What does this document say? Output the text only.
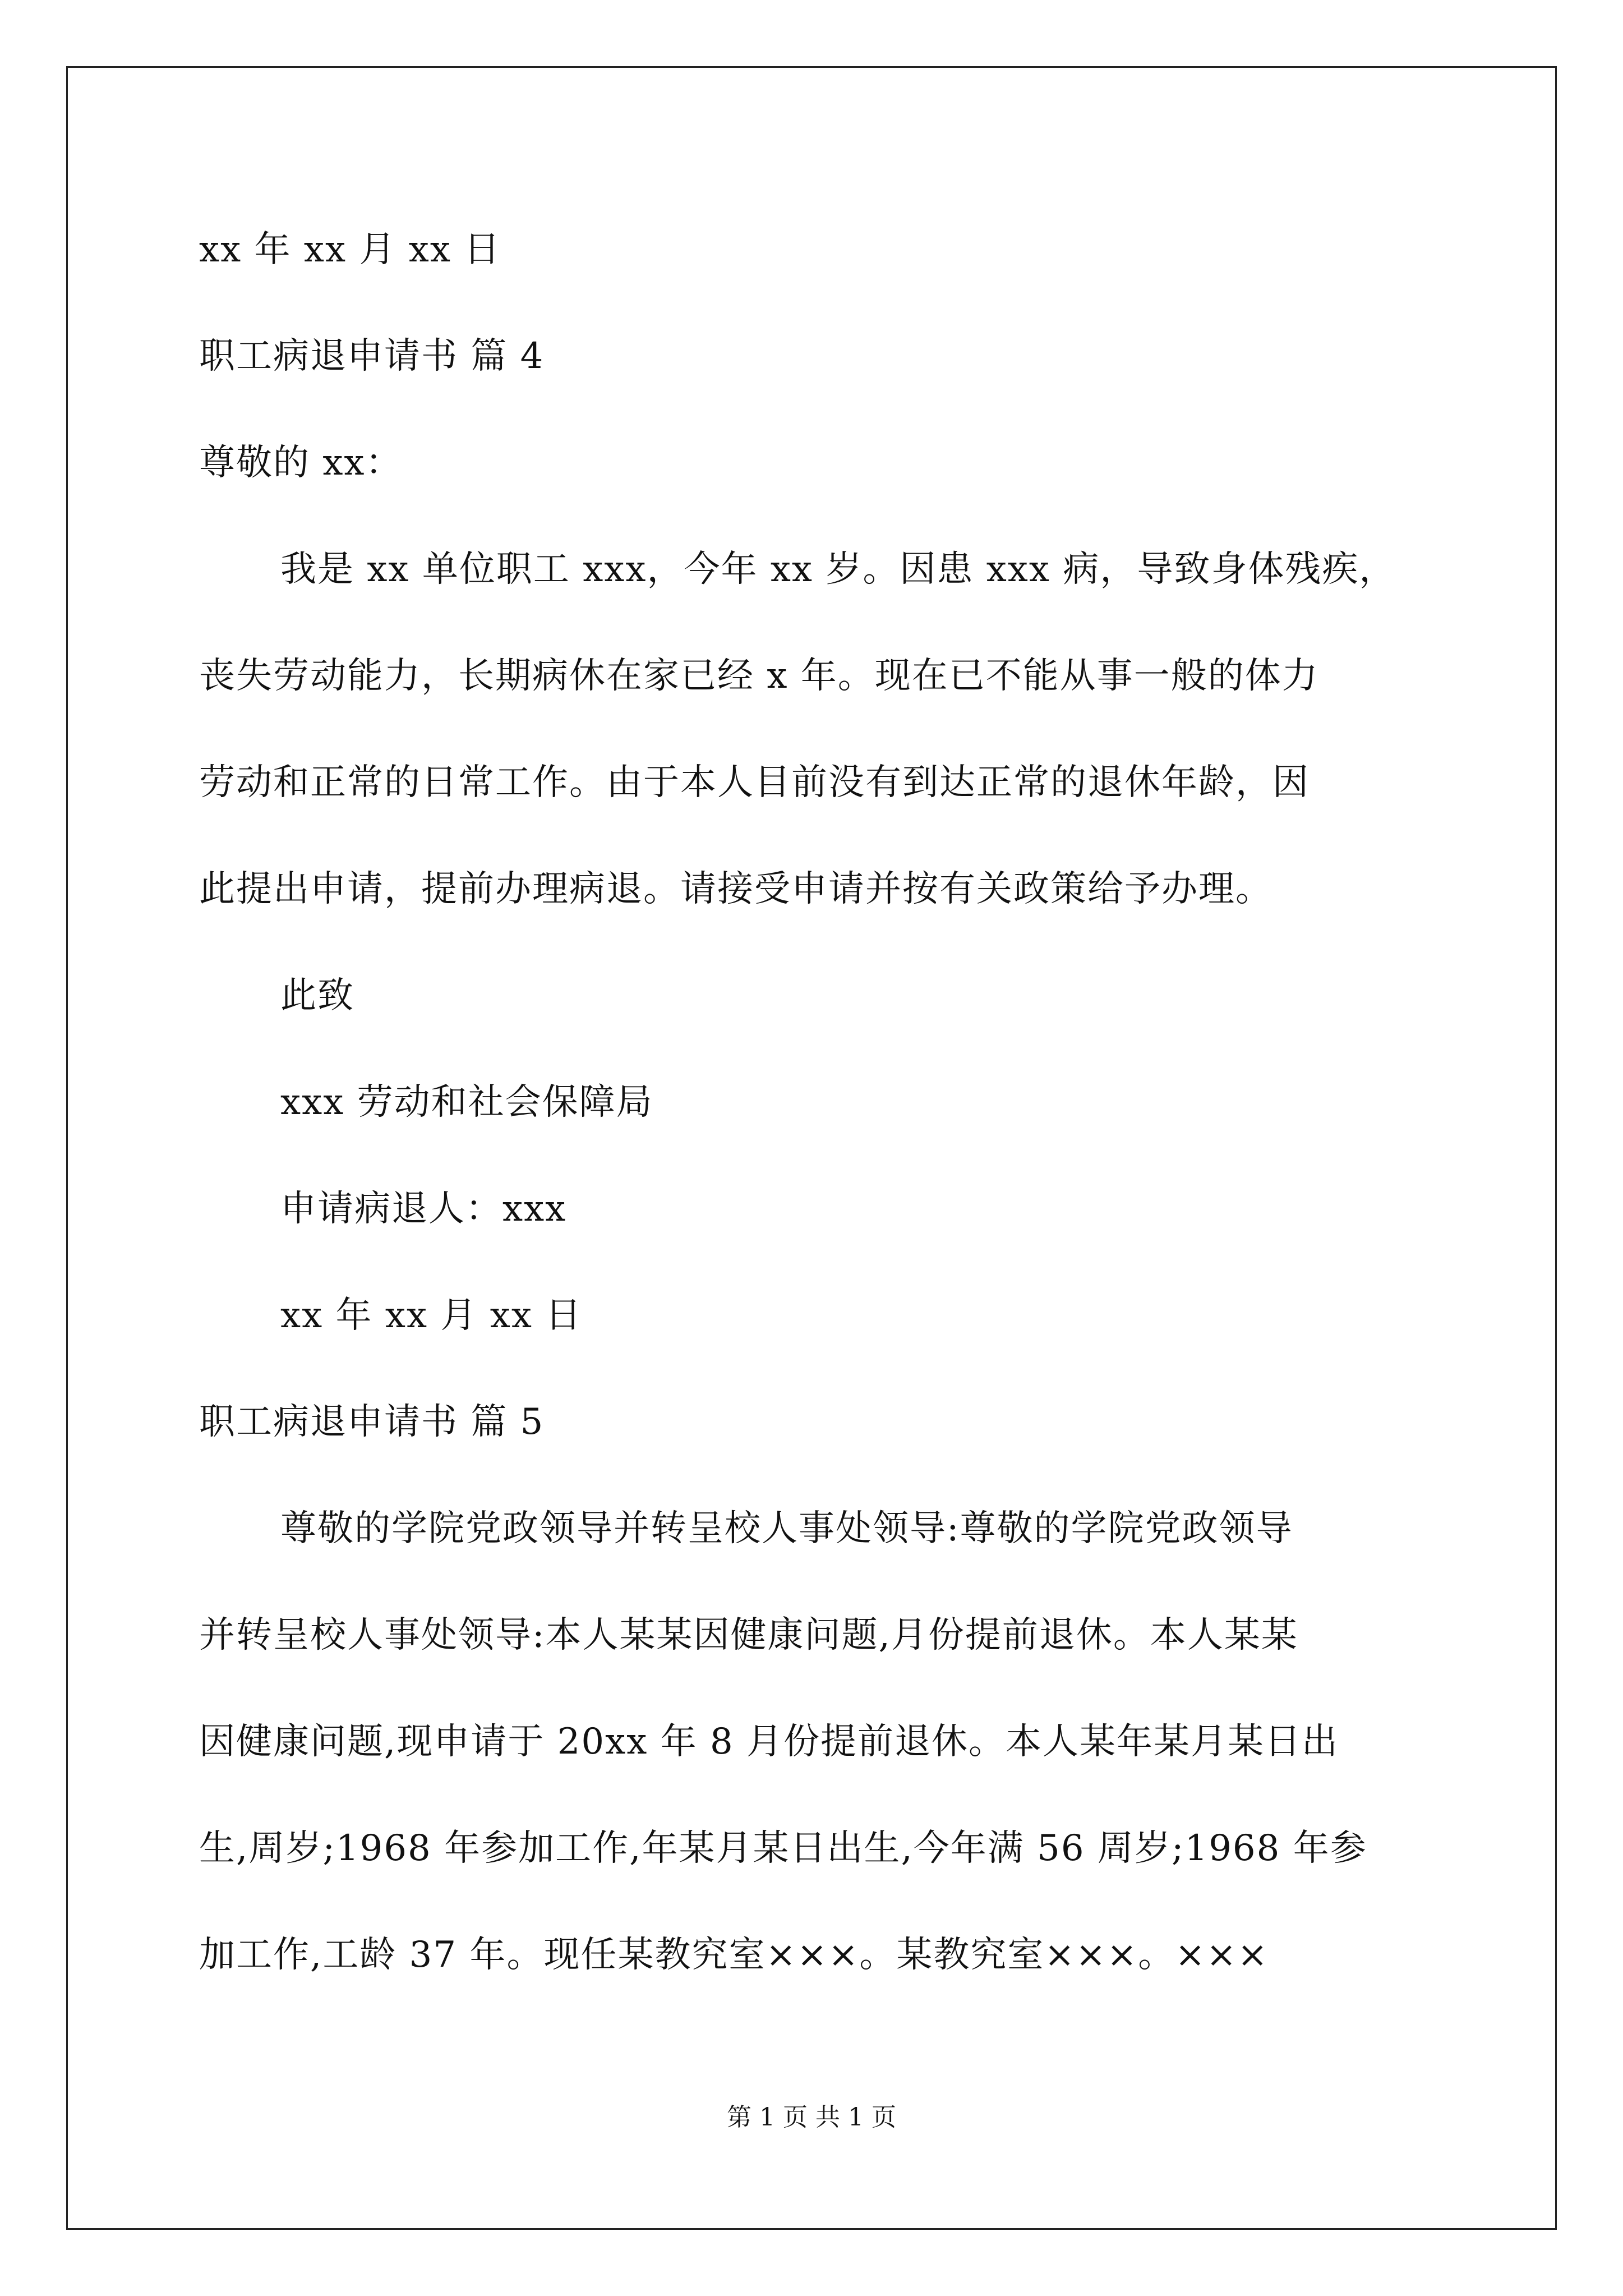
xx 年 xx 月 xx 日
职工病退申请书 篇 4
尊敬的 xx：
我是 xx 单位职工 xxx，今年 xx 岁。因患 xxx 病，导致身体残疾，
丧失劳动能力，长期病休在家已经 x 年。现在已不能从事一般的体力
劳动和正常的日常工作。由于本人目前没有到达正常的退休年龄，因
此提出申请，提前办理病退。请接受申请并按有关政策给予办理。
此致
xxx 劳动和社会保障局
申请病退人：xxx
xx 年 xx 月 xx 日
职工病退申请书 篇 5
尊敬的学院党政领导并转呈校人事处领导:尊敬的学院党政领导
并转呈校人事处领导:本人某某因健康问题,月份提前退休。本人某某
因健康问题,现申请于 20xx 年 8 月份提前退休。本人某年某月某日出
生,周岁;1968 年参加工作,年某月某日出生,今年满 56 周岁;1968 年参
加工作,工龄 37 年。现任某教究室×××。某教究室×××。×××
第 1 页 共 1 页
